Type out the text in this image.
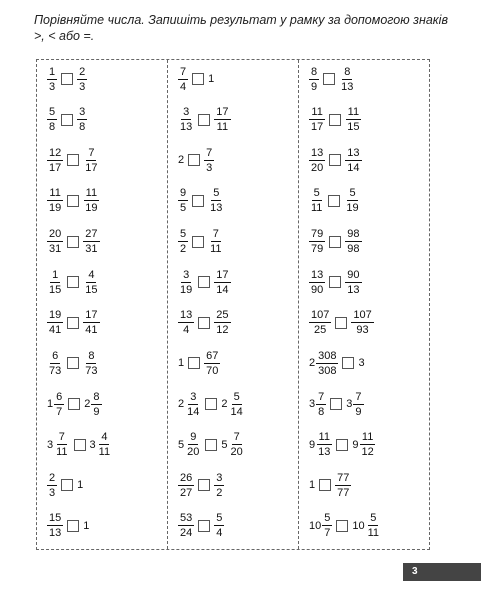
Порівняйте числа. Запишіть результат у рамку за допомогою знаків >, < або =.
$\frac{1}{3} \frac{2}{3}$
$\frac{5}{8} \frac{3}{8}$
$\frac{12}{17} \frac{7}{17}$
$\frac{11}{19} \frac{11}{19}$
$\frac{20}{31} \frac{27}{31}$
$\frac{1}{15} \frac{4}{15}$
$\frac{19}{41} \frac{17}{41}$
$\frac{6}{73} \frac{8}{73}$
$1 \frac{6}{7} 2 \frac{8}{9}$
$3 \frac{7}{11} 3 \frac{4}{11}$
$\frac{2}{3} 1$
$\frac{15}{13} 1$
$\frac{7}{4} 1$
$\frac{3}{13} \frac{17}{11}$
$2 \frac{7}{3}$
$\frac{9}{5} \frac{5}{13}$
$\frac{5}{2} \frac{7}{11}$
$\frac{3}{19} \frac{17}{14}$
$\frac{13}{4} \frac{25}{12}$
$1 \frac{67}{70}$
$2 \frac{3}{14} 2 \frac{5}{14}$
$5 \frac{9}{20} 5 \frac{7}{20}$
$\frac{26}{27} \frac{3}{2}$
$\frac{53}{24} \frac{5}{4}$
$\frac{8}{9} \frac{8}{13}$
$\frac{11}{17} \frac{11}{15}$
$\frac{13}{20} \frac{13}{14}$
$\frac{5}{11} \frac{5}{19}$
$\frac{79}{79} \frac{98}{98}$
$\frac{13}{90} \frac{90}{13}$
$\frac{107}{25} \frac{107}{93}$
$2 \frac{308}{308} 3$
$3 \frac{7}{8} 3 \frac{7}{9}$
$9 \frac{11}{13} 9 \frac{11}{12}$
$1 \frac{77}{77}$
$10 \frac{5}{7} 10 \frac{5}{11}$
3
